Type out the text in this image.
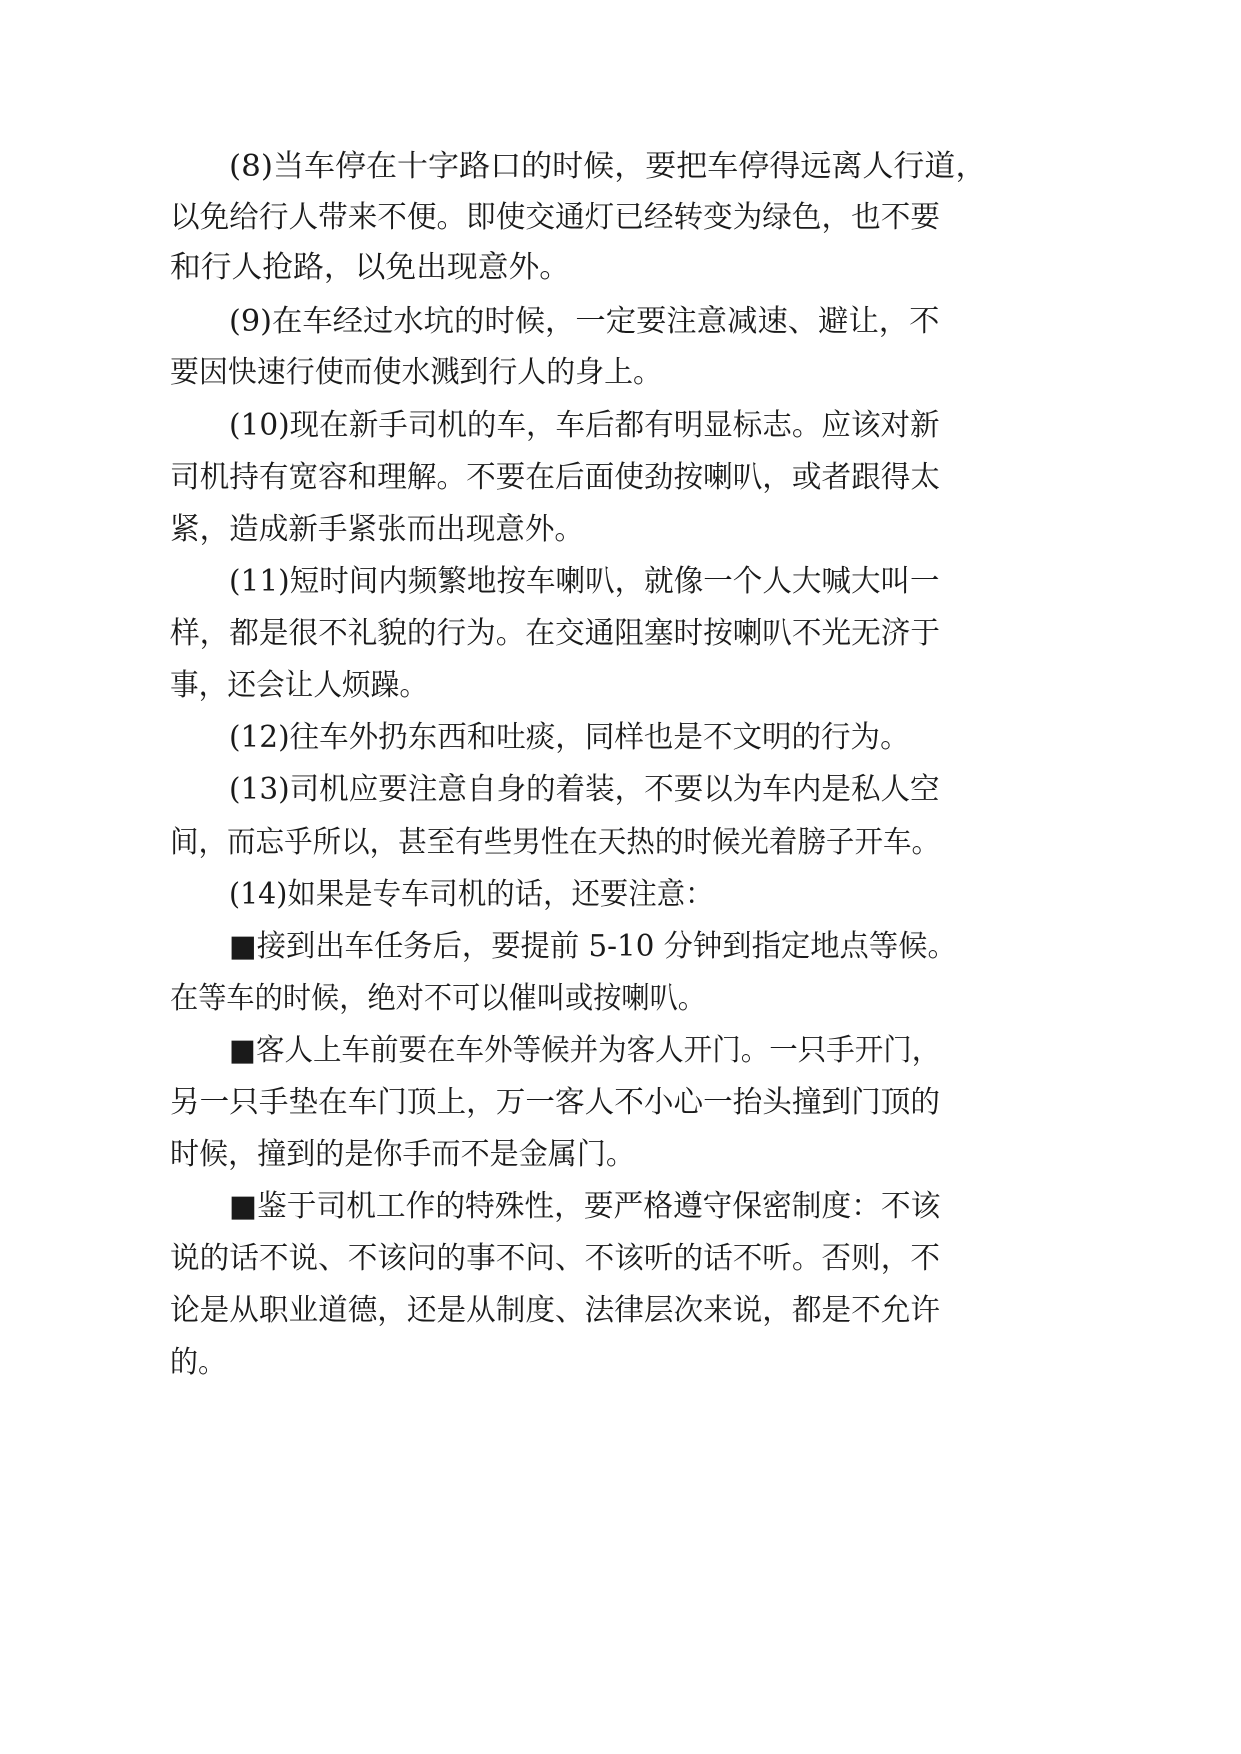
(8)当车停在十字路口的时候，要把车停得远离人行道，

以免给行人带来不便。即使交通灯已经转变为绿色，也不要

和行人抢路，以免出现意外。

(9)在车经过水坑的时候，一定要注意减速、避让，不

要因快速行使而使水溅到行人的身上。

(10)现在新手司机的车，车后都有明显标志。应该对新

司机持有宽容和理解。不要在后面使劲按喇叭，或者跟得太

紧，造成新手紧张而出现意外。

(11)短时间内频繁地按车喇叭，就像一个人大喊大叫一

样，都是很不礼貌的行为。在交通阻塞时按喇叭不光无济于

事，还会让人烦躁。

(12)往车外扔东西和吐痰，同样也是不文明的行为。

(13)司机应要注意自身的着装，不要以为车内是私人空

间，而忘乎所以，甚至有些男性在天热的时候光着膀子开车。

(14)如果是专车司机的话，还要注意：

■接到出车任务后，要提前 5-10 分钟到指定地点等候。

在等车的时候，绝对不可以催叫或按喇叭。

■客人上车前要在车外等候并为客人开门。一只手开门，

另一只手垫在车门顶上，万一客人不小心一抬头撞到门顶的

时候，撞到的是你手而不是金属门。

■鉴于司机工作的特殊性，要严格遵守保密制度：不该

说的话不说、不该问的事不问、不该听的话不听。否则，不

论是从职业道德，还是从制度、法律层次来说，都是不允许

的。
